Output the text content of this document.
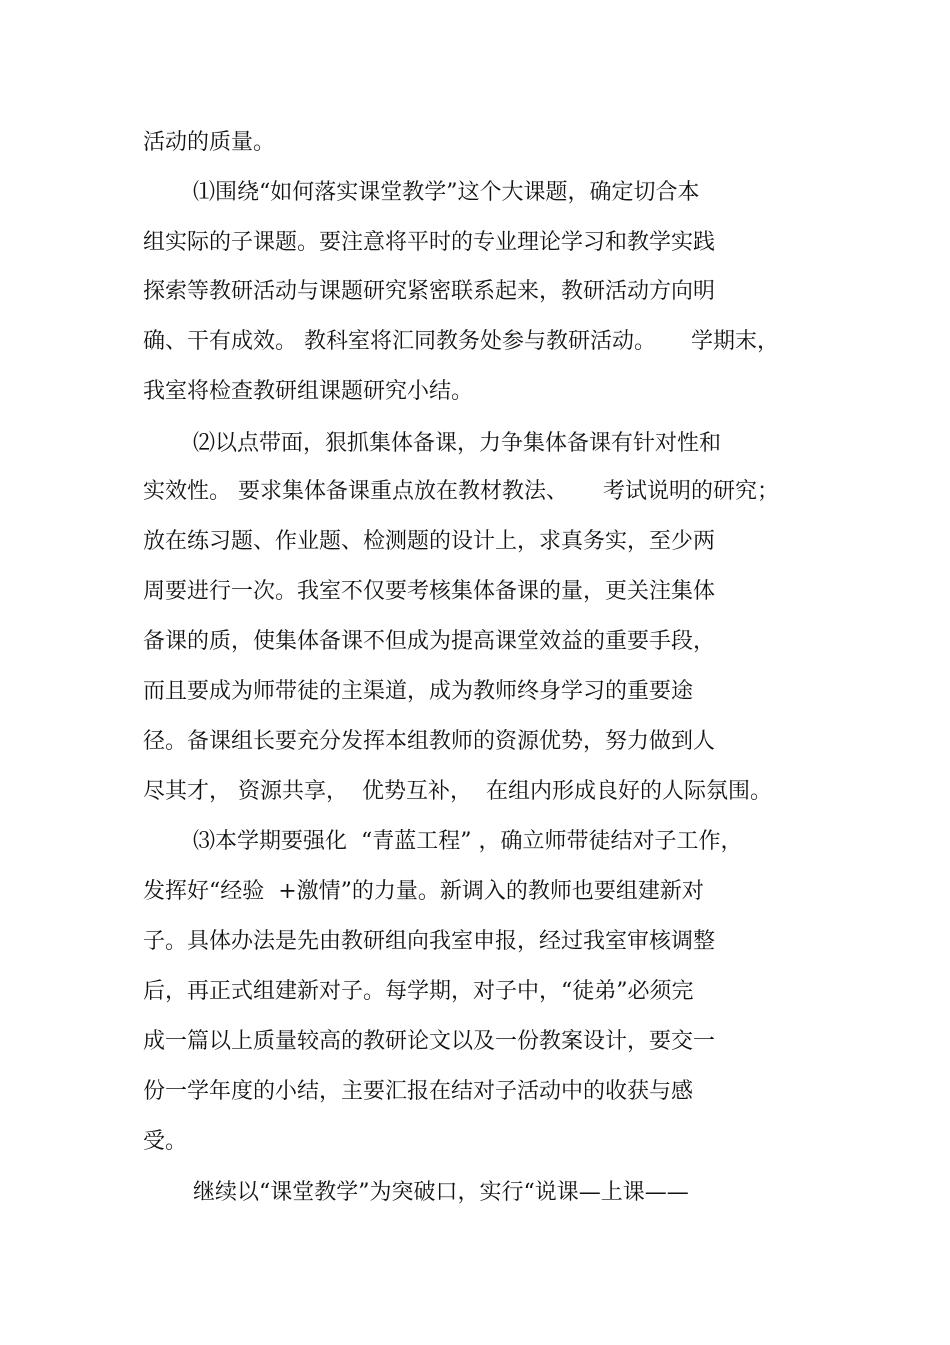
活动的质量。
⑴围绕“如何落实课堂教学”这个大课题，确定切合本
组实际的子课题。要注意将平时的专业理论学习和教学实践
探索等教研活动与课题研究紧密联系起来，教研活动方向明
确、干有成效。 教科室将汇同教务处参与教研活动。     学期末，
我室将检查教研组课题研究小结。
⑵以点带面，狠抓集体备课，力争集体备课有针对性和
实效性。 要求集体备课重点放在教材教法、     考试说明的研究；
放在练习题、作业题、检测题的设计上，求真务实，至少两
周要进行一次。我室不仅要考核集体备课的量，更关注集体
备课的质，使集体备课不但成为提高课堂效益的重要手段，
而且要成为师带徒的主渠道，成为教师终身学习的重要途
径。备课组长要充分发挥本组教师的资源优势，努力做到人
尽其才， 资源共享，  优势互补，  在组内形成良好的人际氛围。
⑶本学期要强化  “青蓝工程” ，确立师带徒结对子工作，
发挥好“经验  +激情”的力量。新调入的教师也要组建新对
子。具体办法是先由教研组向我室申报，经过我室审核调整
后，再正式组建新对子。每学期，对子中，“徒弟”必须完
成一篇以上质量较高的教研论文以及一份教案设计，要交一
份一学年度的小结，主要汇报在结对子活动中的收获与感
受。
继续以“课堂教学”为突破口，实行“说课—上课——
